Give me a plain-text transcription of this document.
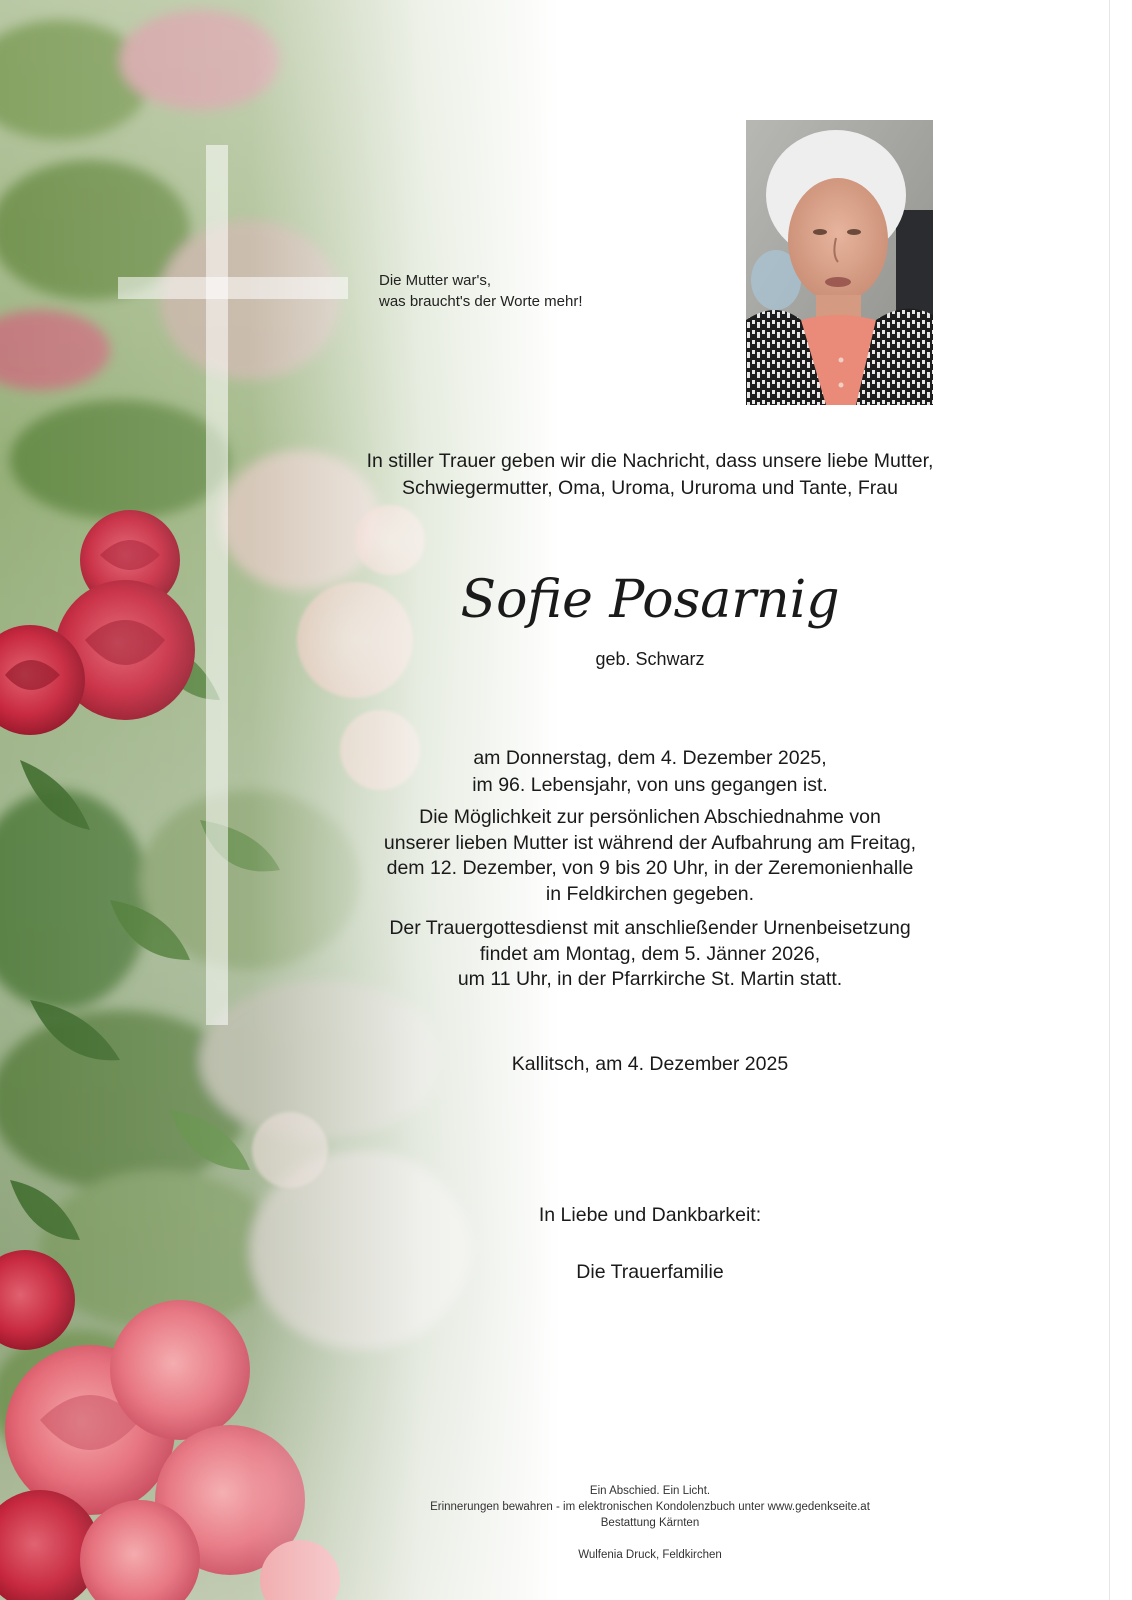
Die Mutter war's,
was braucht's der Worte mehr!
In stiller Trauer geben wir die Nachricht, dass unsere liebe Mutter,
Schwiegermutter, Oma, Uroma, Ururoma und Tante, Frau
Sofie Posarnig
geb. Schwarz
am Donnerstag, dem 4. Dezember 2025,
im 96. Lebensjahr, von uns gegangen ist.
Die Möglichkeit zur persönlichen Abschiednahme von
unserer lieben Mutter ist während der Aufbahrung am Freitag,
dem 12. Dezember, von 9 bis 20 Uhr, in der Zeremonienhalle
in Feldkirchen gegeben.
Der Trauergottesdienst mit anschließender Urnenbeisetzung
findet am Montag, dem 5. Jänner 2026,
um 11 Uhr, in der Pfarrkirche St. Martin statt.
Kallitsch, am 4. Dezember 2025
In Liebe und Dankbarkeit:
Die Trauerfamilie
Ein Abschied. Ein Licht.
Erinnerungen bewahren - im elektronischen Kondolenzbuch unter www.gedenkseite.at
Bestattung Kärnten
Wulfenia Druck, Feldkirchen
